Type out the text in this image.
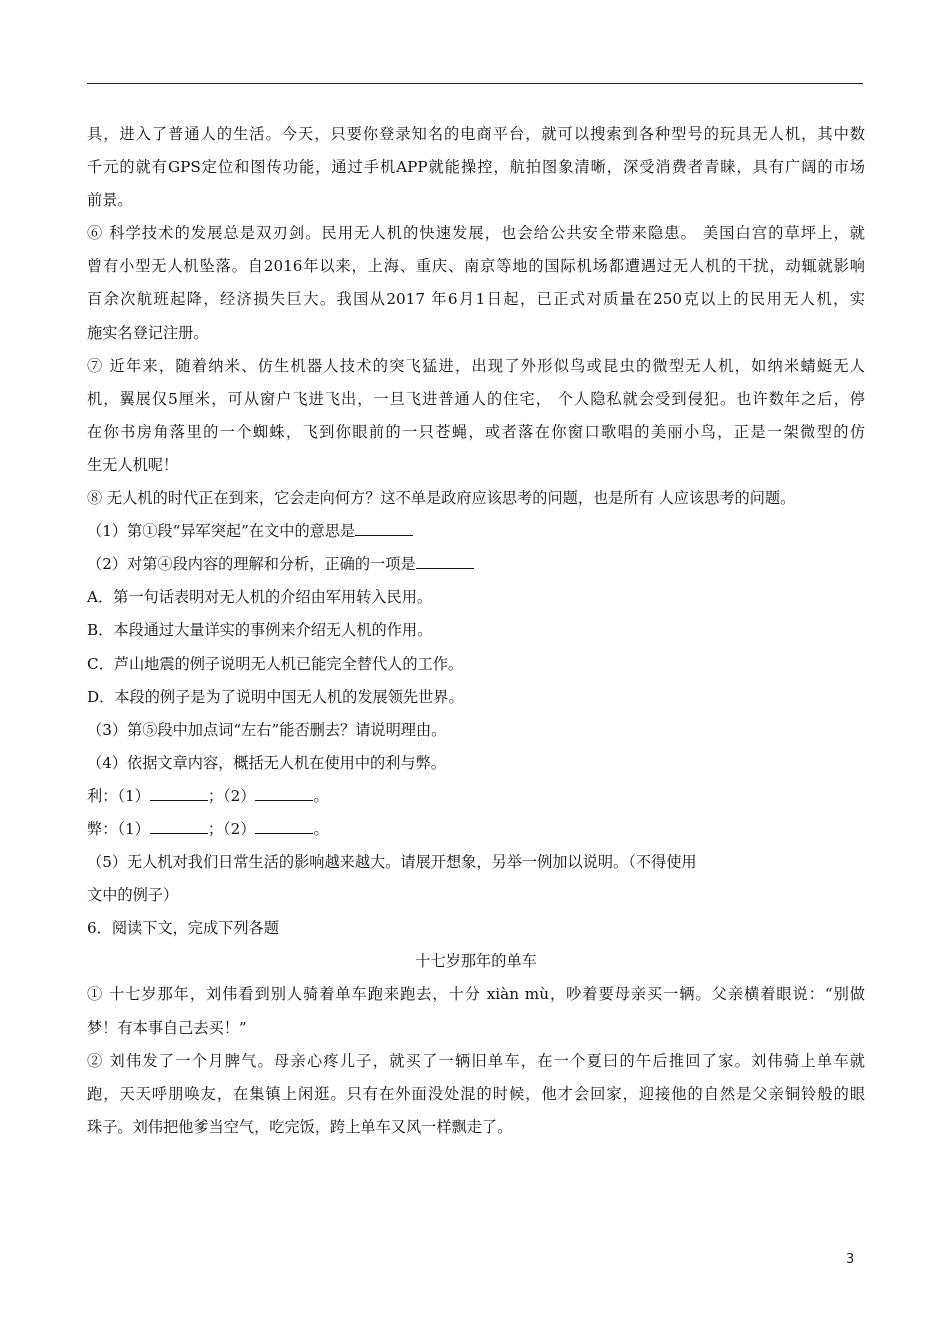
具，进入了普通人的生活。今天，只要你登录知名的电商平台，就可以搜索到各种型号的玩具无人机，其中数
千元的就有GPS定位和图传功能，通过手机APP就能操控，航拍图象清晰，深受消费者青睐，具有广阔的市场
前景。
⑥ 科学技术的发展总是双刃剑。民用无人机的快速发展，也会给公共安全带来隐患。 美国白宫的草坪上，就
曾有小型无人机坠落。自2016年以来，上海、重庆、南京等地的国际机场都遭遇过无人机的干扰，动辄就影响
百余次航班起降，经济损失巨大。我国从2017 年6月1日起，已正式对质量在250克以上的民用无人机，实
施实名登记注册。
⑦ 近年来，随着纳米、仿生机器人技术的突飞猛进，出现了外形似鸟或昆虫的微型无人机，如纳米蜻蜓无人
机，翼展仅5厘米，可从窗户飞进飞出，一旦飞进普通人的住宅， 个人隐私就会受到侵犯。也许数年之后，停
在你书房角落里的一个蜘蛛，飞到你眼前的一只苍蝇，或者落在你窗口歌唱的美丽小鸟，正是一架微型的仿
生无人机呢！
⑧ 无人机的时代正在到来，它会走向何方？这不单是政府应该思考的问题，也是所有 人应该思考的问题。
（1）第①段“异军突起”在文中的意思是
（2）对第④段内容的理解和分析，正确的一项是
A．第一句话表明对无人机的介绍由军用转入民用。
B．本段通过大量详实的事例来介绍无人机的作用。
C．芦山地震的例子说明无人机已能完全替代人的工作。
D．本段的例子是为了说明中国无人机的发展领先世界。
（3）第⑤段中加点词“左右”能否删去？请说明理由。
（4）依据文章内容，概括无人机在使用中的利与弊。
利：（1）	；（2）	。
弊：（1）	；（2）	。
（5）无人机对我们日常生活的影响越来越大。请展开想象，另举一例加以说明。（不得使用
文中的例子）
6．阅读下文，完成下列各题
十七岁那年的单车
① 十七岁那年，刘伟看到别人骑着单车跑来跑去，十分 xiàn mù，吵着要母亲买一辆。父亲横着眼说：“别做
梦！有本事自己去买！”
② 刘伟发了一个月脾气。母亲心疼儿子，就买了一辆旧单车，在一个夏曰的午后推回了家。刘伟骑上单车就
跑，天天呼朋唤友，在集镇上闲逛。只有在外面没处混的时候，他才会回家，迎接他的自然是父亲铜铃般的眼
珠子。刘伟把他爹当空气，吃完饭，跨上单车又风一样飘走了。
3
